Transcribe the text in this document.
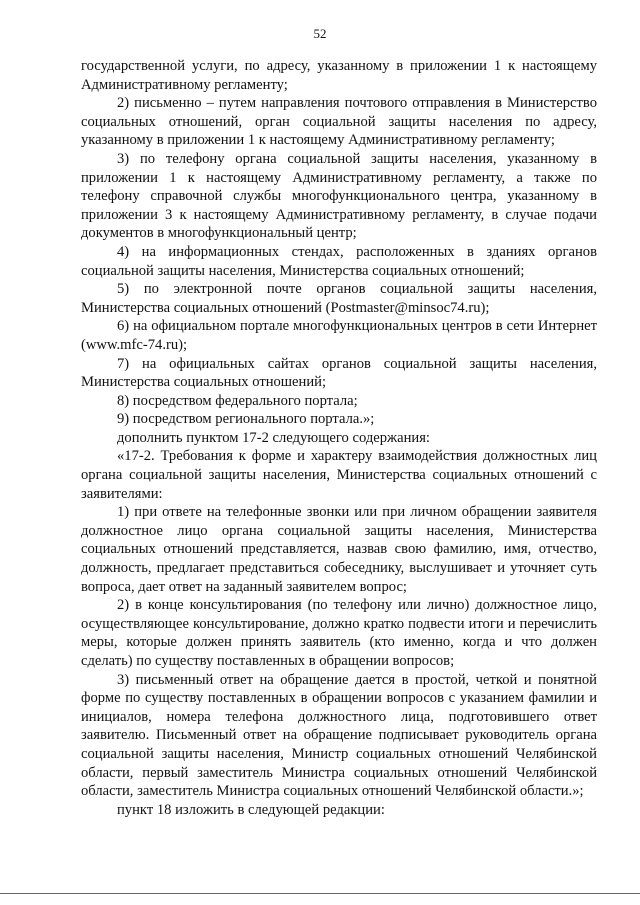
52

государственной услуги, по адресу, указанному в приложении 1 к настоящему Административному регламенту;

2) письменно – путем направления почтового отправления в Министерство социальных отношений, орган социальной защиты населения по адресу, указанному в приложении 1 к настоящему Административному регламенту;

3) по телефону органа социальной защиты населения, указанному в приложении 1 к настоящему Административному регламенту, а также по телефону справочной службы многофункционального центра, указанному в приложении 3 к настоящему Административному регламенту, в случае подачи документов в многофункциональный центр;

4) на информационных стендах, расположенных в зданиях органов социальной защиты населения, Министерства социальных отношений;

5) по электронной почте органов социальной защиты населения, Министерства социальных отношений (Postmaster@minsoc74.ru);

6) на официальном портале многофункциональных центров в сети Интернет (www.mfc-74.ru);

7) на официальных сайтах органов социальной защиты населения, Министерства социальных отношений;

8) посредством федерального портала;

9) посредством регионального портала.»;

дополнить пунктом 17-2 следующего содержания:

«17-2. Требования к форме и характеру взаимодействия должностных лиц органа социальной защиты населения, Министерства социальных отношений с заявителями:

1) при ответе на телефонные звонки или при личном обращении заявителя должностное лицо органа социальной защиты населения, Министерства социальных отношений представляется, назвав свою фамилию, имя, отчество, должность, предлагает представиться собеседнику, выслушивает и уточняет суть вопроса, дает ответ на заданный заявителем вопрос;

2) в конце консультирования (по телефону или лично) должностное лицо, осуществляющее консультирование, должно кратко подвести итоги и перечислить меры, которые должен принять заявитель (кто именно, когда и что должен сделать) по существу поставленных в обращении вопросов;

3) письменный ответ на обращение дается в простой, четкой и понятной форме по существу поставленных в обращении вопросов с указанием фамилии и инициалов, номера телефона должностного лица, подготовившего ответ заявителю. Письменный ответ на обращение подписывает руководитель органа социальной защиты населения, Министр социальных отношений Челябинской области, первый заместитель Министра социальных отношений Челябинской области, заместитель Министра социальных отношений Челябинской области.»;

пункт 18 изложить в следующей редакции:
